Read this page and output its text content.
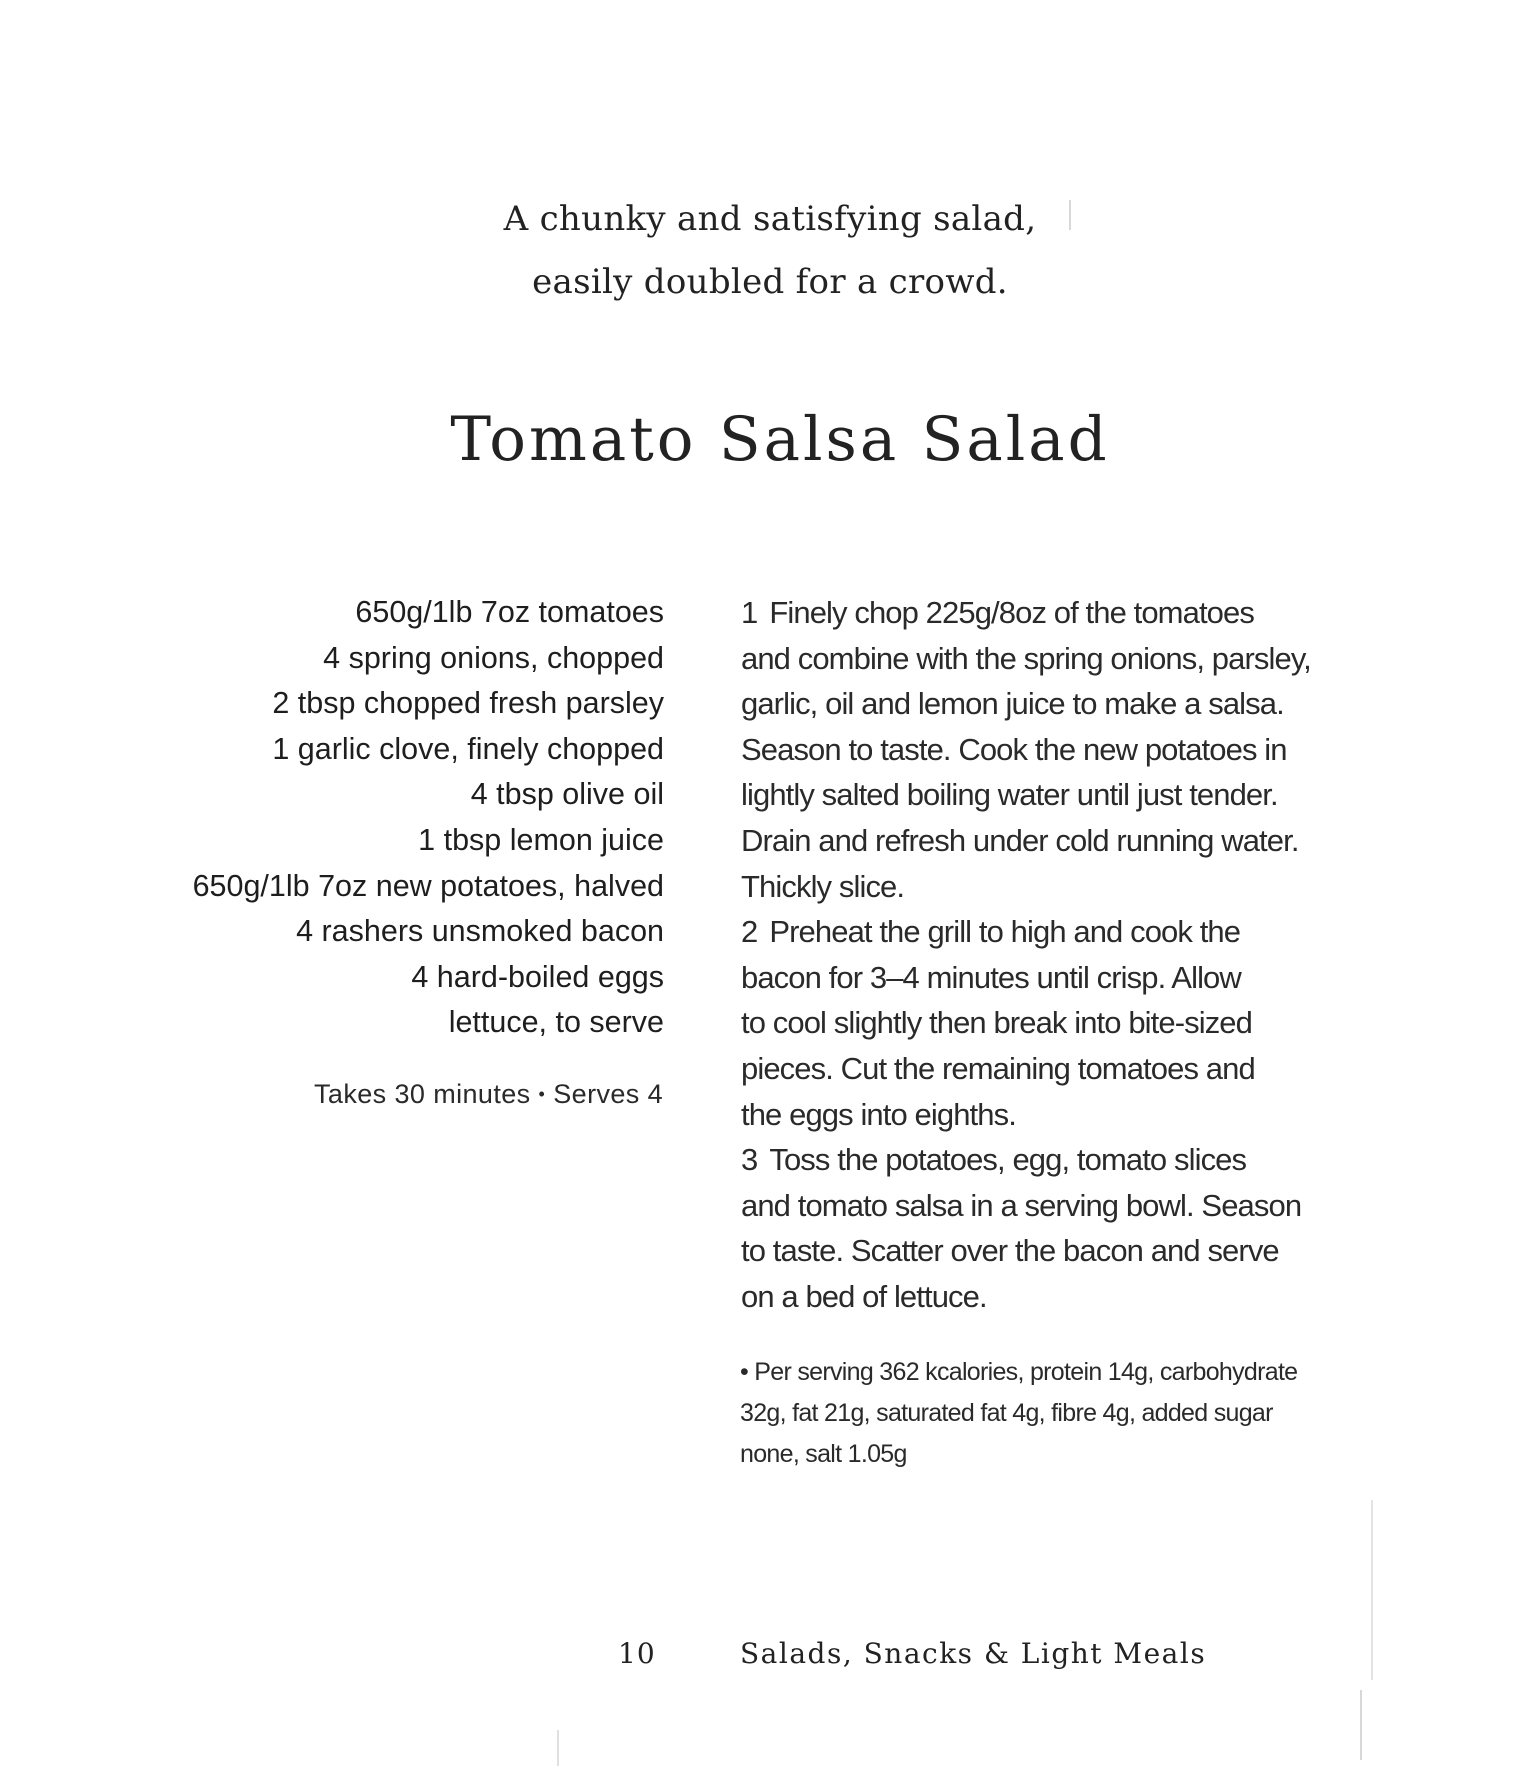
A chunky and satisfying salad,
easily doubled for a crowd.
Tomato Salsa Salad
650g/1lb 7oz tomatoes
4 spring onions, chopped
2 tbsp chopped fresh parsley
1 garlic clove, finely chopped
4 tbsp olive oil
1 tbsp lemon juice
650g/1lb 7oz new potatoes, halved
4 rashers unsmoked bacon
4 hard-boiled eggs
lettuce, to serve
Takes 30 minutes • Serves 4
1 Finely chop 225g/8oz of the tomatoes
and combine with the spring onions, parsley,
garlic, oil and lemon juice to make a salsa.
Season to taste. Cook the new potatoes in
lightly salted boiling water until just tender.
Drain and refresh under cold running water.
Thickly slice.
2 Preheat the grill to high and cook the
bacon for 3–4 minutes until crisp. Allow
to cool slightly then break into bite-sized
pieces. Cut the remaining tomatoes and
the eggs into eighths.
3 Toss the potatoes, egg, tomato slices
and tomato salsa in a serving bowl. Season
to taste. Scatter over the bacon and serve
on a bed of lettuce.
• Per serving 362 kcalories, protein 14g, carbohydrate
32g, fat 21g, saturated fat 4g, fibre 4g, added sugar
none, salt 1.05g
10	Salads, Snacks & Light Meals
